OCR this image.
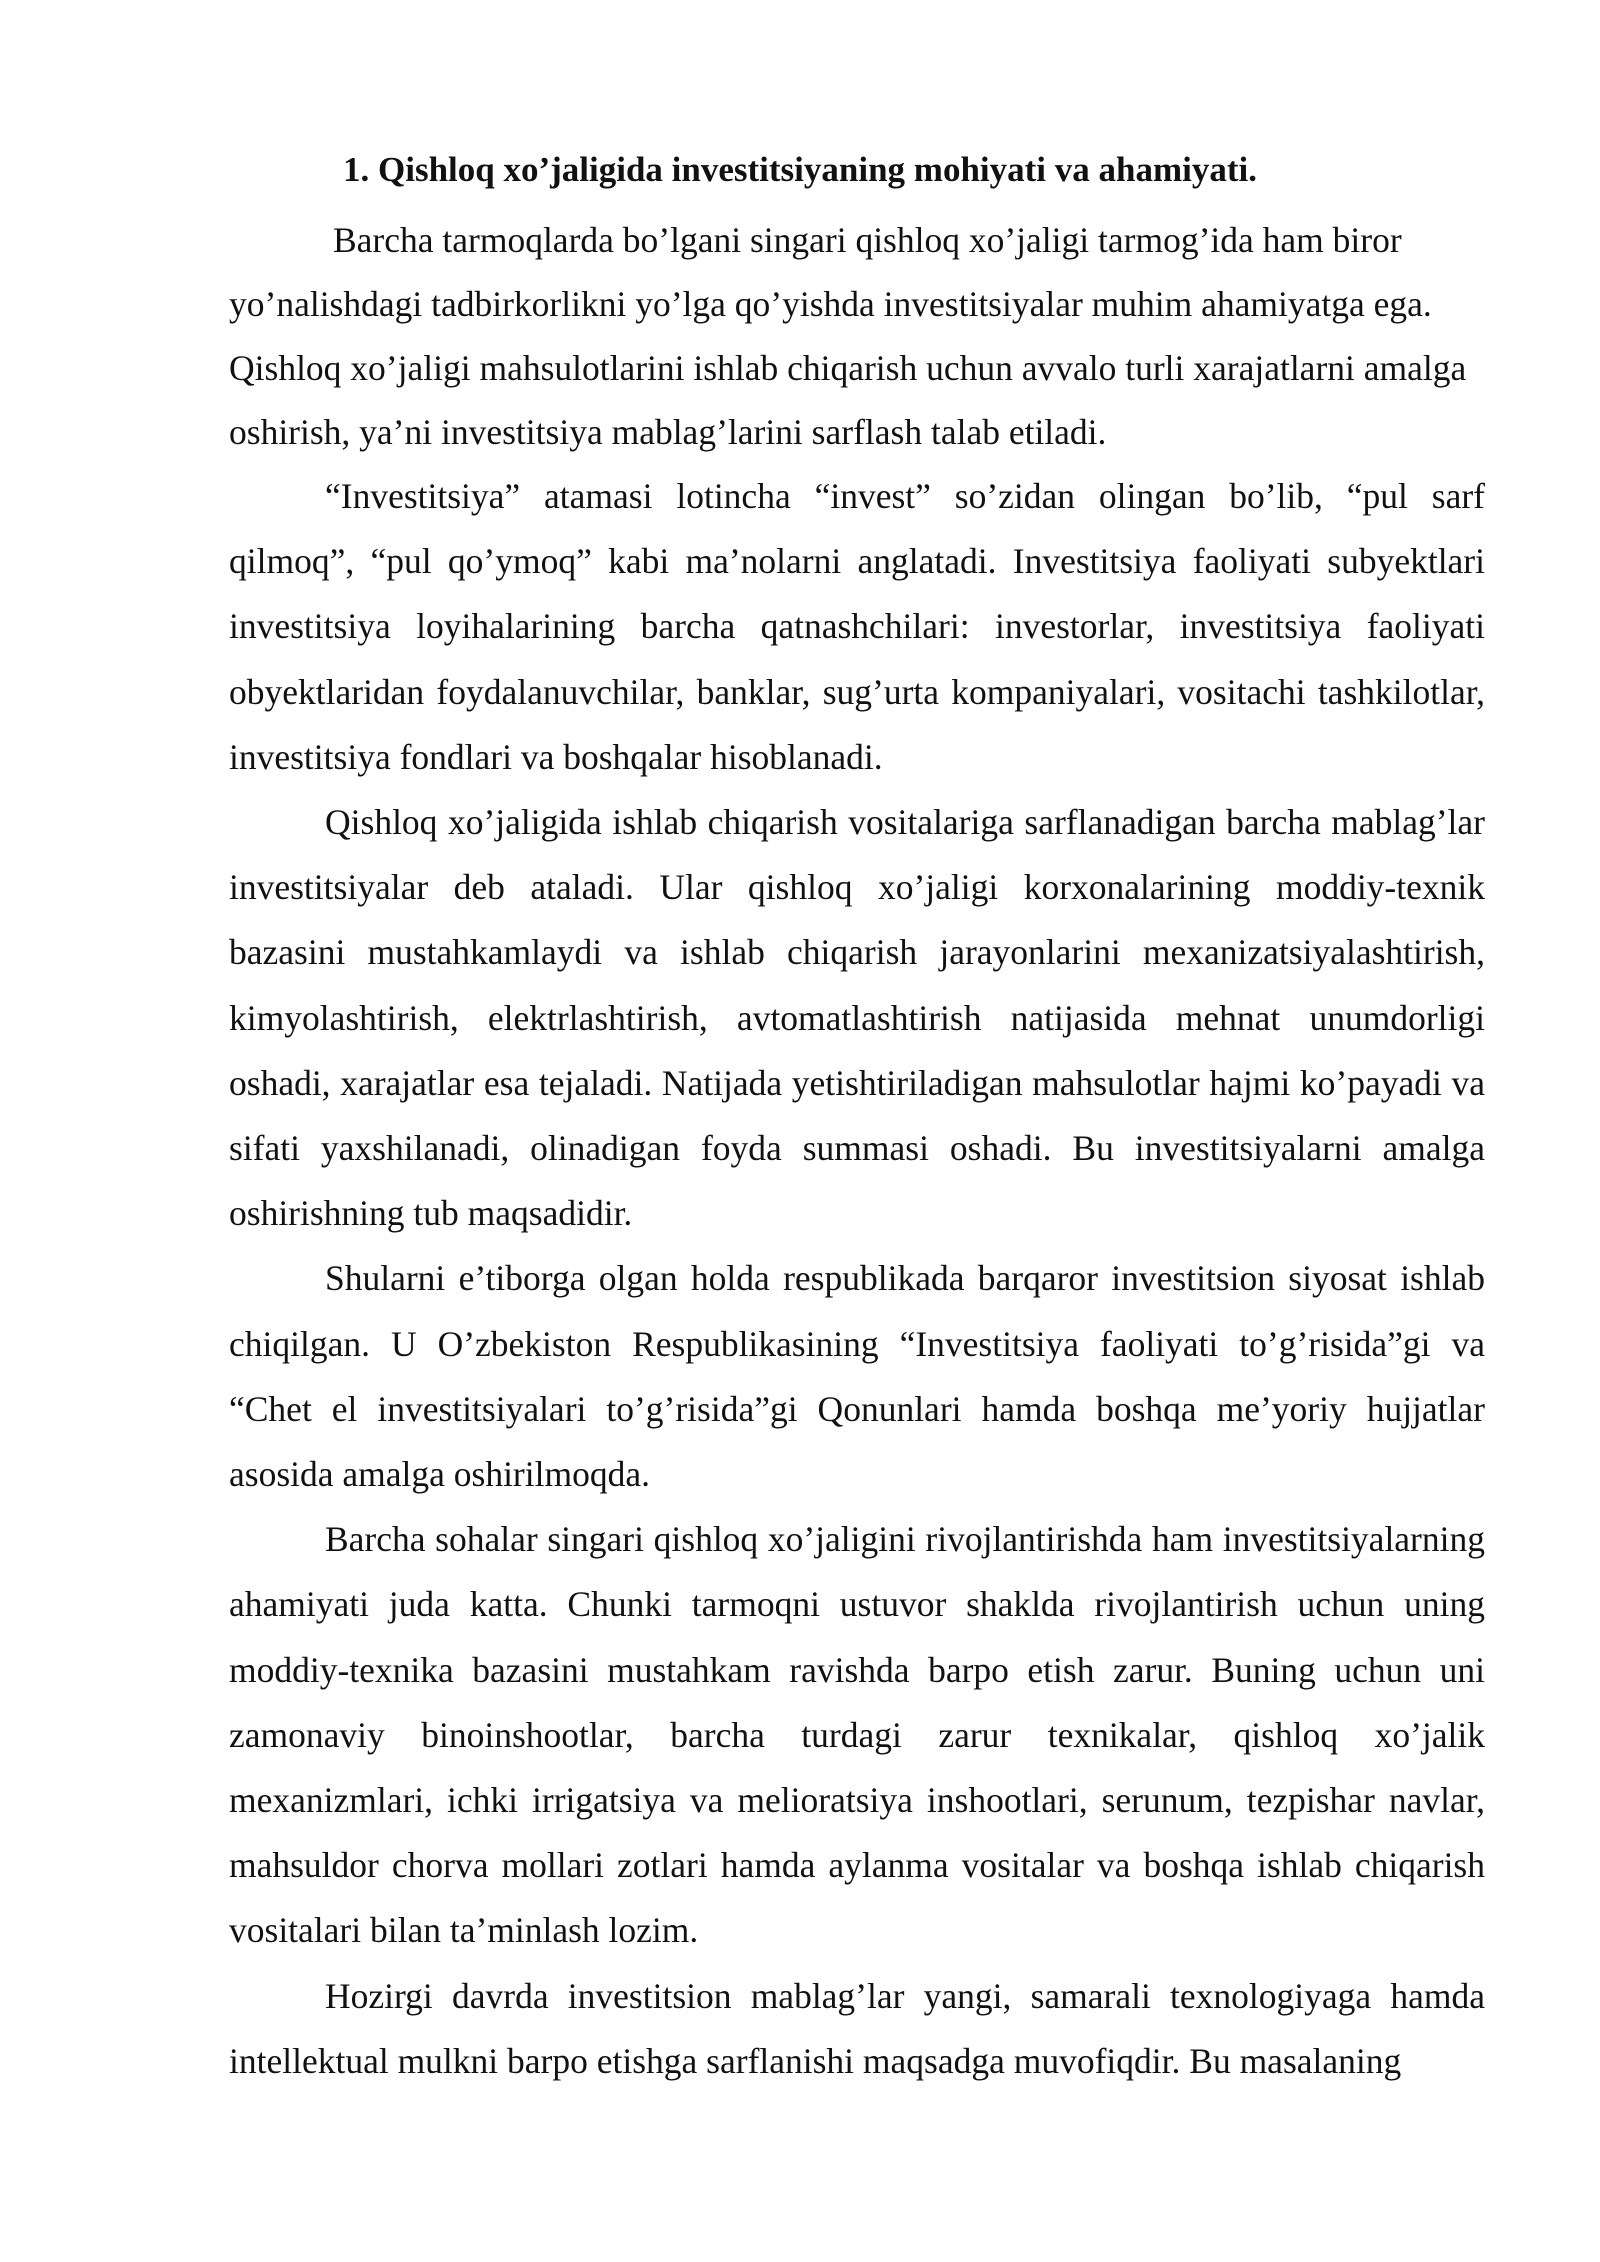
1. Qishloq xo’jaligida investitsiyaning mohiyati va ahamiyati.

Barcha tarmoqlarda bo’lgani singari qishloq xo’jaligi tarmog’ida ham biror yo’nalishdagi tadbirkorlikni yo’lga qo’yishda investitsiyalar muhim ahamiyatga ega. Qishloq xo’jaligi mahsulotlarini ishlab chiqarish uchun avvalo turli xarajatlarni amalga oshirish, ya’ni investitsiya mablag’larini sarflash talab etiladi.

“Investitsiya” atamasi lotincha “invest” so’zidan olingan bo’lib, “pul sarf qilmoq”, “pul qo’ymoq” kabi ma’nolarni anglatadi. Investitsiya faoliyati subyektlari investitsiya loyihalarining barcha qatnashchilari: investorlar, investitsiya faoliyati obyektlaridan foydalanuvchilar, banklar, sug’urta kompaniyalari, vositachi tashkilotlar, investitsiya fondlari va boshqalar hisoblanadi.

Qishloq xo’jaligida ishlab chiqarish vositalariga sarflanadigan barcha mablag’lar investitsiyalar deb ataladi. Ular qishloq xo’jaligi korxonalarining moddiy-texnik bazasini mustahkamlaydi va ishlab chiqarish jarayonlarini mexanizatsiyalashtirish, kimyolashtirish, elektrlashtirish, avtomatlashtirish natijasida mehnat unumdorligi oshadi, xarajatlar esa tejaladi. Natijada yetishtiriladigan mahsulotlar hajmi ko’payadi va sifati yaxshilanadi, olinadigan foyda summasi oshadi. Bu investitsiyalarni amalga oshirishning tub maqsadidir.

Shularni e’tiborga olgan holda respublikada barqaror investitsion siyosat ishlab chiqilgan. U O’zbekiston Respublikasining “Investitsiya faoliyati to’g’risida”gi va “Chet el investitsiyalari to’g’risida”gi Qonunlari hamda boshqa me’yoriy hujjatlar asosida amalga oshirilmoqda.

Barcha sohalar singari qishloq xo’jaligini rivojlantirishda ham investitsiyalarning ahamiyati juda katta. Chunki tarmoqni ustuvor shaklda rivojlantirish uchun uning moddiy-texnika bazasini mustahkam ravishda barpo etish zarur. Buning uchun uni zamonaviy binoinshootlar, barcha turdagi zarur texnikalar, qishloq xo’jalik mexanizmlari, ichki irrigatsiya va melioratsiya inshootlari, serunum, tezpishar navlar, mahsuldor chorva mollari zotlari hamda aylanma vositalar va boshqa ishlab chiqarish vositalari bilan ta’minlash lozim.

Hozirgi davrda investitsion mablag’lar yangi, samarali texnologiyaga hamda intellektual mulkni barpo etishga sarflanishi maqsadga muvofiqdir. Bu masalaning
